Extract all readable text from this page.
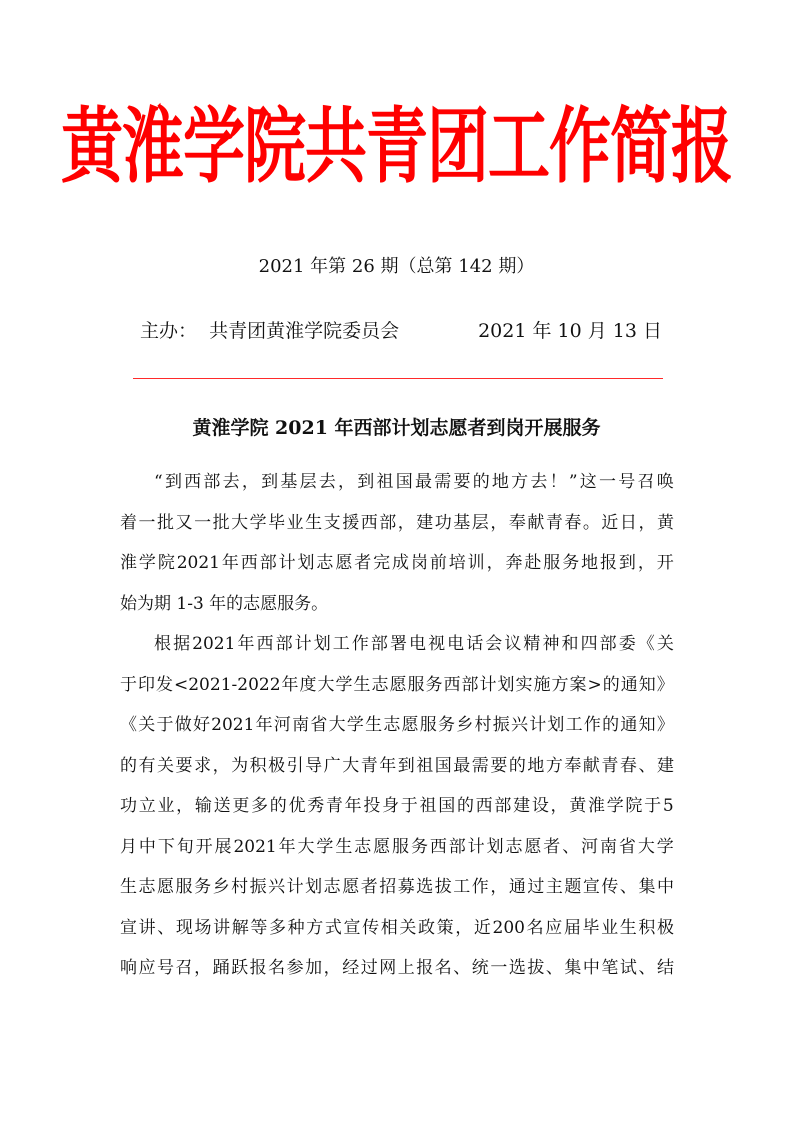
黄淮学院共青团工作简报
2021 年第 26 期（总第 142 期）
主办： 共青团黄淮学院委员会	2021 年 10 月 13 日
黄淮学院 2021 年西部计划志愿者到岗开展服务
“ 到 西 部 去 ， 到 基 层 去 ， 到 祖 国 最 需 要 的 地 方 去 ！ ” 这 一 号 召 唤
着 一 批 又 一 批 大 学 毕 业 生 支 援 西 部 ， 建 功 基 层 ， 奉 献 青 春 。 近 日 ， 黄
淮 学 院 2021 年 西 部 计 划 志 愿 者 完 成 岗 前 培 训 ， 奔 赴 服 务 地 报 到 ， 开
始为期 1-3 年的志愿服务。
根 据 2021 年 西 部 计 划 工 作 部 署 电 视 电 话 会 议 精 神 和 四 部 委 《 关
于 印 发 <2021-2022 年 度 大 学 生 志 愿 服 务 西 部 计 划 实 施 方 案 > 的 通 知 》
《 关 于 做 好 2021 年 河 南 省 大 学 生 志 愿 服 务 乡 村 振 兴 计 划 工 作 的 通 知 》
的 有 关 要 求 ， 为 积 极 引 导 广 大 青 年 到 祖 国 最 需 要 的 地 方 奉 献 青 春 、 建
功 立 业 ， 输 送 更 多 的 优 秀 青 年 投 身 于 祖 国 的 西 部 建 设 ， 黄 淮 学 院 于 5
月 中 下 旬 开 展 2021 年 大 学 生 志 愿 服 务 西 部 计 划 志 愿 者 、 河 南 省 大 学
生 志 愿 服 务 乡 村 振 兴 计 划 志 愿 者 招 募 选 拔 工 作 ， 通 过 主 题 宣 传 、 集 中
宣 讲 、 现 场 讲 解 等 多 种 方 式 宣 传 相 关 政 策 ， 近 200 名 应 届 毕 业 生 积 极
响 应 号 召 ， 踊 跃 报 名 参 加 ， 经 过 网 上 报 名 、 统 一 选 拔 、 集 中 笔 试 、 结
